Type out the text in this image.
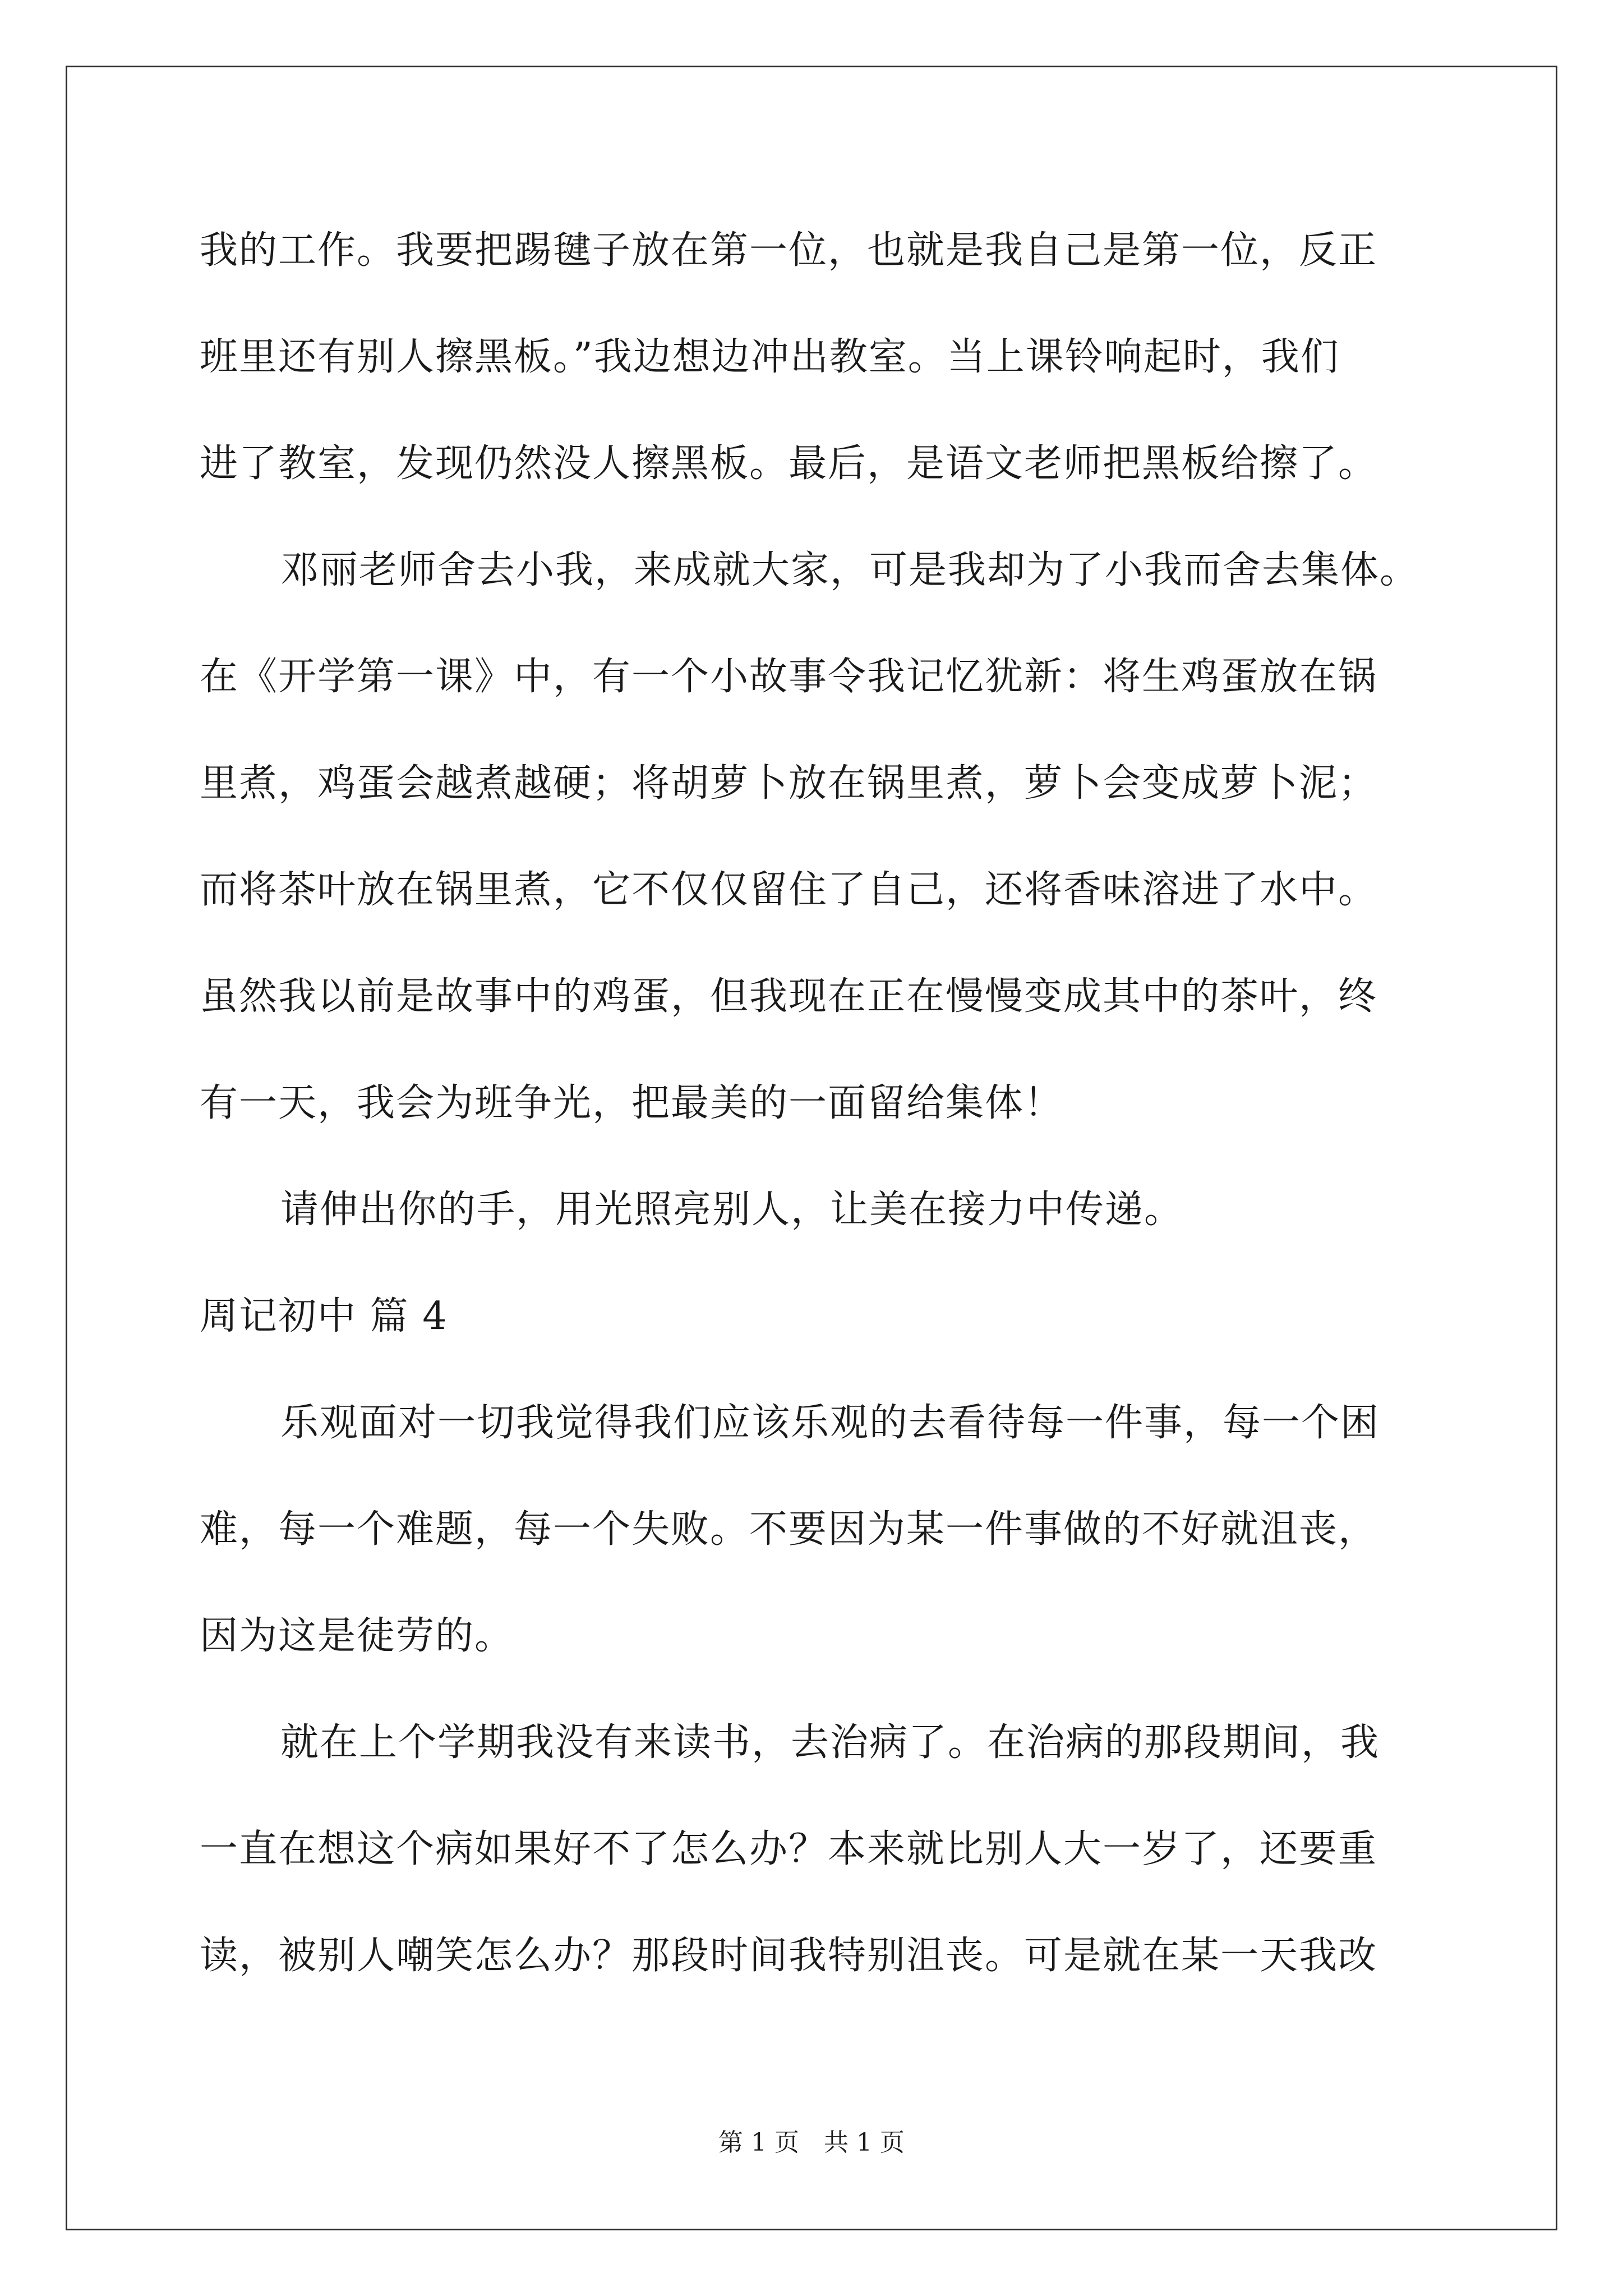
我的工作。我要把踢毽子放在第一位，也就是我自己是第一位，反正
班里还有别人擦黑板。”我边想边冲出教室。当上课铃响起时，我们
进了教室，发现仍然没人擦黑板。最后，是语文老师把黑板给擦了。
邓丽老师舍去小我，来成就大家，可是我却为了小我而舍去集体。
在《开学第一课》中，有一个小故事令我记忆犹新：将生鸡蛋放在锅
里煮，鸡蛋会越煮越硬；将胡萝卜放在锅里煮，萝卜会变成萝卜泥；
而将茶叶放在锅里煮，它不仅仅留住了自己，还将香味溶进了水中。
虽然我以前是故事中的鸡蛋，但我现在正在慢慢变成其中的茶叶，终
有一天，我会为班争光，把最美的一面留给集体！
请伸出你的手，用光照亮别人，让美在接力中传递。
周记初中 篇 4
乐观面对一切我觉得我们应该乐观的去看待每一件事，每一个困
难，每一个难题，每一个失败。不要因为某一件事做的不好就沮丧，
因为这是徒劳的。
就在上个学期我没有来读书，去治病了。在治病的那段期间，我
一直在想这个病如果好不了怎么办？本来就比别人大一岁了，还要重
读，被别人嘲笑怎么办？那段时间我特别沮丧。可是就在某一天我改
第 1 页 共 1 页
